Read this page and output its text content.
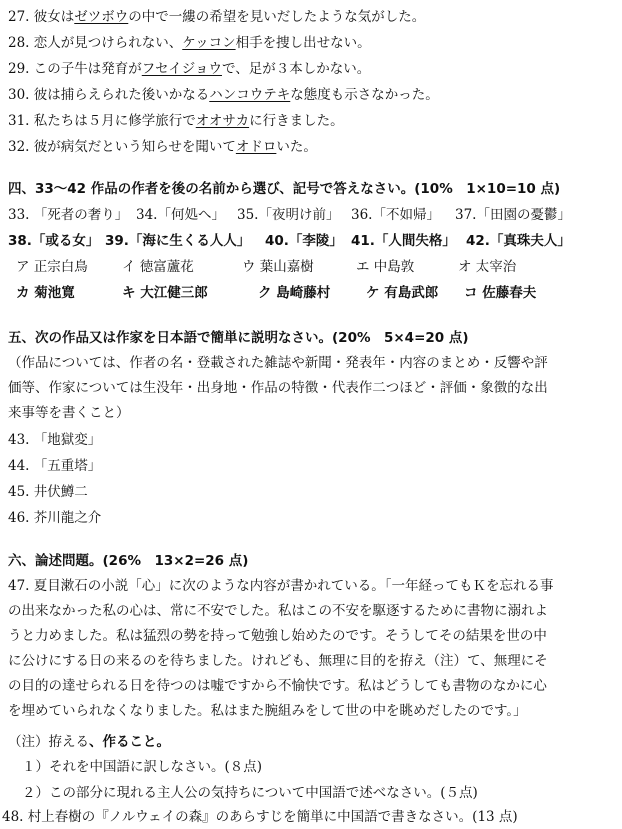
27. 彼女はゼツボウの中で一縷の希望を見いだしたような気がした。
28. 恋人が見つけられない、ケッコン相手を捜し出せない。
29. この子牛は発育がフセイジョウで、足が３本しかない。
30. 彼は捕らえられた後いかなるハンコウテキな態度も示さなかった。
31. 私たちは５月に修学旅行でオオサカに行きました。
32. 彼が病気だという知らせを聞いてオドロいた。
四、33～42 作品の作者を後の名前から選び、記号で答えなさい。(10%　1×10=10 点)
33. 「死者の奢り」 34.「何処へ」 35.「夜明け前」 36.「不如帰」	37.「田園の憂鬱」
38.「或る女」 39.「海に生くる人人」	40.「李陵」 41.「人間失格」 42.「真珠夫人」
ア 正宗白鳥	イ 徳富蘆花	ウ 葉山嘉樹	エ 中島敦	オ 太宰治
カ 菊池寛	キ 大江健三郎	ク 島崎藤村	ケ 有島武郎	コ 佐藤春夫
五、次の作品又は作家を日本語で簡単に説明なさい。(20%　5×4=20 点)
（作品については、作者の名・登載された雑誌や新聞・発表年・内容のまとめ・反響や評
価等、作家については生没年・出身地・作品の特徴・代表作二つほど・評価・象徴的な出
来事等を書くこと）
43. 「地獄変」
44. 「五重塔」
45. 井伏鱒二
46. 芥川龍之介
六、論述問題。(26%　13×2=26 点)
47. 夏目漱石の小説「心」に次のような内容が書かれている。「一年経ってもＫを忘れる事
の出来なかった私の心は、常に不安でした。私はこの不安を駆逐するために書物に溺れよ
うと力めました。私は猛烈の勢を持って勉強し始めたのです。そうしてその結果を世の中
に公けにする日の来るのを待ちました。けれども、無理に目的を拵え（注）て、無理にそ
の目的の達せられる日を待つのは嘘ですから不愉快です。私はどうしても書物のなかに心
を埋めていられなくなりました。私はまた腕組みをして世の中を眺めだしたのです。」
（注）拵える、作ること。
１）それを中国語に訳しなさい。(８点)
２）この部分に現れる主人公の気持ちについて中国語で述べなさい。(５点)
48. 村上春樹の『ノルウェイの森』のあらすじを簡単に中国語で書きなさい。(13 点)
